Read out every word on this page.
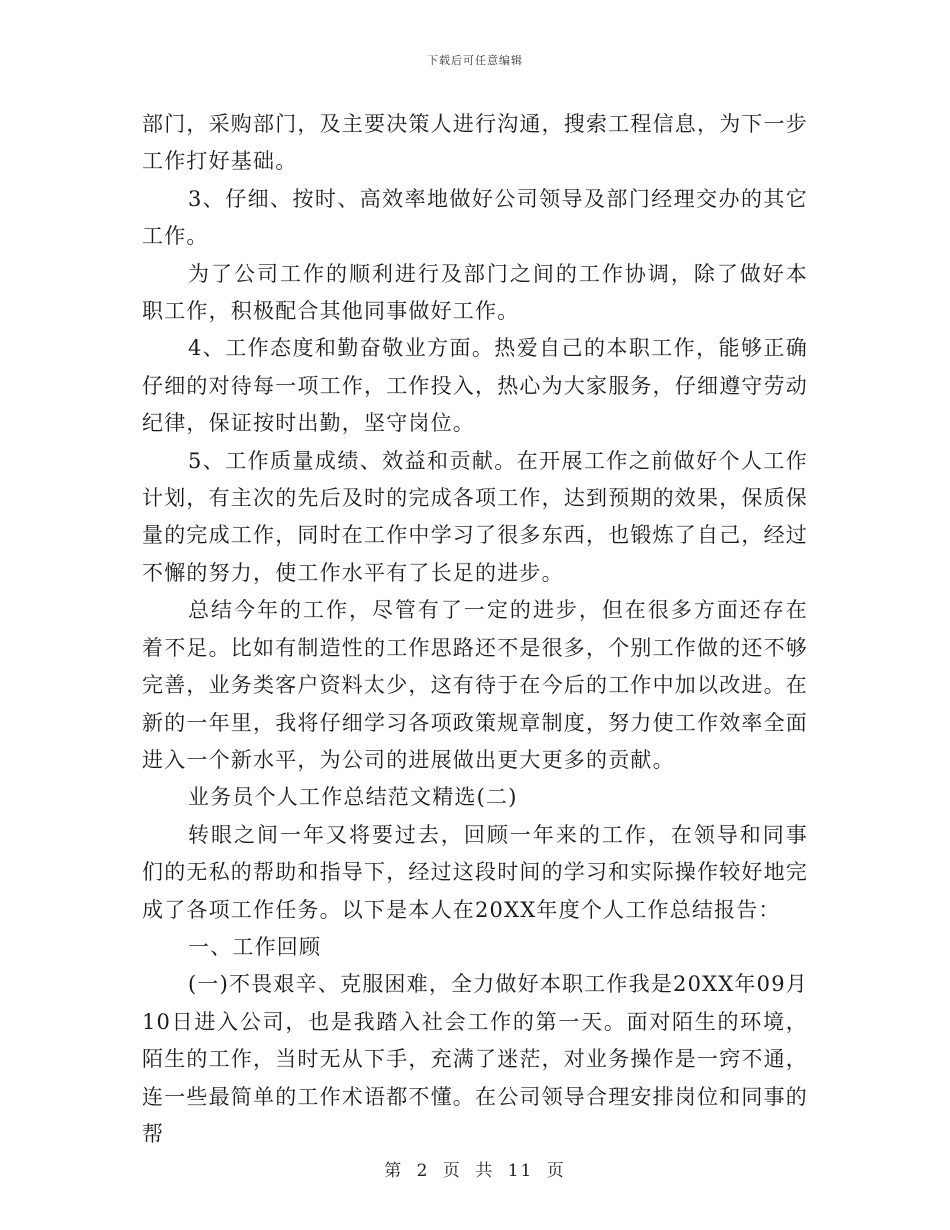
下载后可任意编辑

部门，采购部门，及主要决策人进行沟通，搜索工程信息，为下一步工作打好基础。

3、仔细、按时、高效率地做好公司领导及部门经理交办的其它工作。

为了公司工作的顺利进行及部门之间的工作协调，除了做好本职工作，积极配合其他同事做好工作。

4、工作态度和勤奋敬业方面。热爱自己的本职工作，能够正确仔细的对待每一项工作，工作投入，热心为大家服务，仔细遵守劳动纪律，保证按时出勤，坚守岗位。

5、工作质量成绩、效益和贡献。在开展工作之前做好个人工作计划，有主次的先后及时的完成各项工作，达到预期的效果，保质保量的完成工作，同时在工作中学习了很多东西，也锻炼了自己，经过不懈的努力，使工作水平有了长足的进步。

总结今年的工作，尽管有了一定的进步，但在很多方面还存在着不足。比如有制造性的工作思路还不是很多，个别工作做的还不够完善，业务类客户资料太少，这有待于在今后的工作中加以改进。在新的一年里，我将仔细学习各项政策规章制度，努力使工作效率全面进入一个新水平，为公司的进展做出更大更多的贡献。

业务员个人工作总结范文精选(二)

转眼之间一年又将要过去，回顾一年来的工作，在领导和同事们的无私的帮助和指导下，经过这段时间的学习和实际操作较好地完成了各项工作任务。以下是本人在20XX年度个人工作总结报告：

一、工作回顾

(一)不畏艰辛、克服困难，全力做好本职工作我是20XX年09月10日进入公司，也是我踏入社会工作的第一天。面对陌生的环境，陌生的工作，当时无从下手，充满了迷茫，对业务操作是一窍不通，连一些最简单的工作术语都不懂。在公司领导合理安排岗位和同事的帮

第 2 页 共 11 页
